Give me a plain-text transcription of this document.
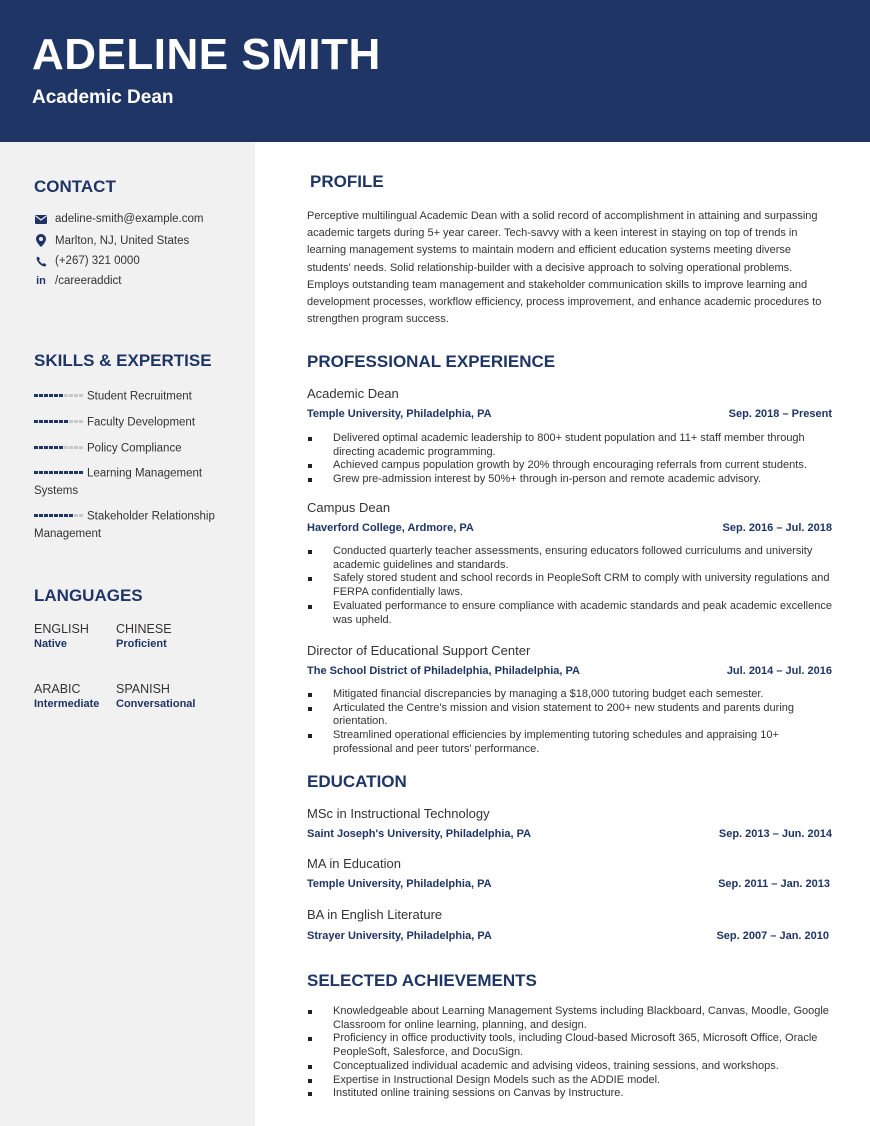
ADELINE SMITH
Academic Dean
CONTACT
adeline-smith@example.com
Marlton, NJ, United States
(+267) 321 0000
in /careeraddict
SKILLS & EXPERTISE
Student Recruitment
Faculty Development
Policy Compliance
Learning Management Systems
Stakeholder Relationship Management
LANGUAGES
ENGLISH
Native
CHINESE
Proficient
ARABIC
Intermediate
SPANISH
Conversational
PROFILE
Perceptive multilingual Academic Dean with a solid record of accomplishment in attaining and surpassing academic targets during 5+ year career. Tech-savvy with a keen interest in staying on top of trends in learning management systems to maintain modern and efficient education systems meeting diverse students' needs. Solid relationship-builder with a decisive approach to solving operational problems. Employs outstanding team management and stakeholder communication skills to improve learning and development processes, workflow efficiency, process improvement, and enhance academic procedures to strengthen program success.
PROFESSIONAL EXPERIENCE
Academic Dean
Temple University, Philadelphia, PA	Sep. 2018 – Present
Delivered optimal academic leadership to 800+ student population and 11+ staff member through directing academic programming.
Achieved campus population growth by 20% through encouraging referrals from current students.
Grew pre-admission interest by 50%+ through in-person and remote academic advisory.
Campus Dean
Haverford College, Ardmore, PA	Sep. 2016 – Jul. 2018
Conducted quarterly teacher assessments, ensuring educators followed curriculums and university academic guidelines and standards.
Safely stored student and school records in PeopleSoft CRM to comply with university regulations and FERPA confidentially laws.
Evaluated performance to ensure compliance with academic standards and peak academic excellence was upheld.
Director of Educational Support Center
The School District of Philadelphia, Philadelphia, PA	Jul. 2014 – Jul. 2016
Mitigated financial discrepancies by managing a $18,000 tutoring budget each semester.
Articulated the Centre's mission and vision statement to 200+ new students and parents during orientation.
Streamlined operational efficiencies by implementing tutoring schedules and appraising 10+ professional and peer tutors' performance.
EDUCATION
MSc in Instructional Technology
Saint Joseph's University, Philadelphia, PA	Sep. 2013 – Jun. 2014
MA in Education
Temple University, Philadelphia, PA	Sep. 2011 – Jan. 2013
BA in English Literature
Strayer University, Philadelphia, PA	Sep. 2007 – Jan. 2010
SELECTED ACHIEVEMENTS
Knowledgeable about Learning Management Systems including Blackboard, Canvas, Moodle, Google Classroom for online learning, planning, and design.
Proficiency in office productivity tools, including Cloud-based Microsoft 365, Microsoft Office, Oracle PeopleSoft, Salesforce, and DocuSign.
Conceptualized individual academic and advising videos, training sessions, and workshops.
Expertise in Instructional Design Models such as the ADDIE model.
Instituted online training sessions on Canvas by Instructure.
